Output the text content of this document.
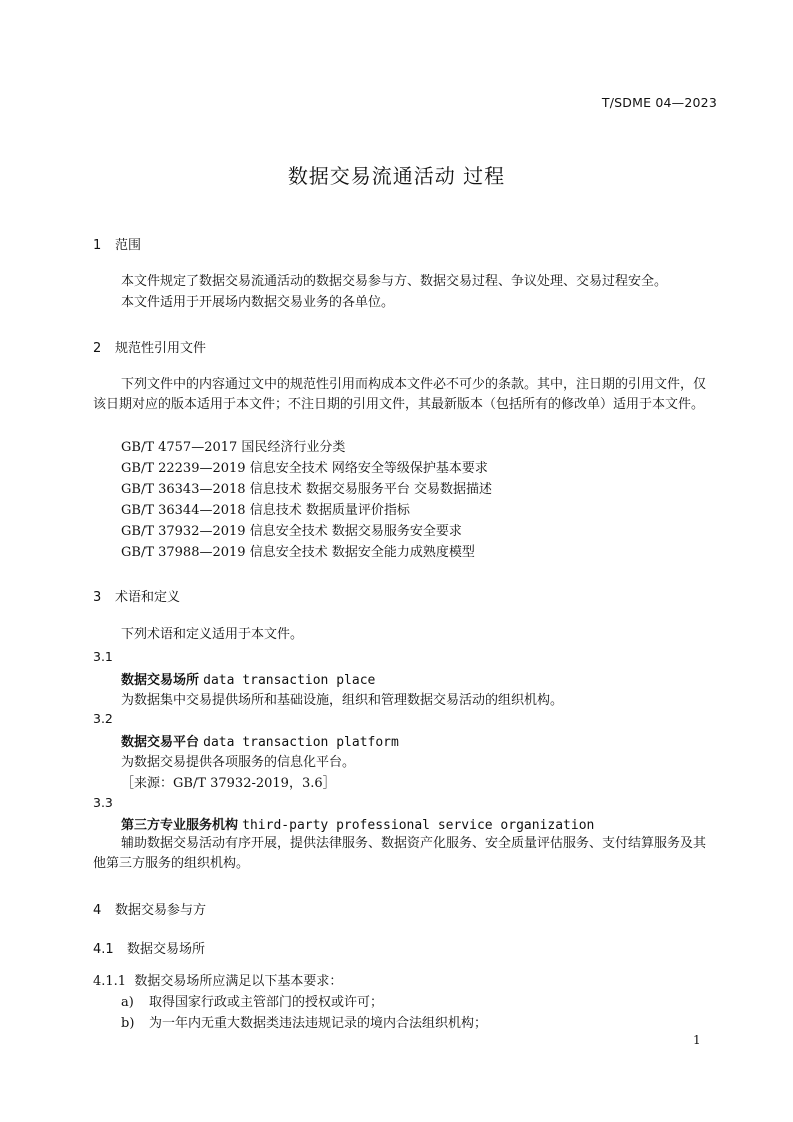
T/SDME 04—2023
数据交易流通活动 过程
1 范围
本文件规定了数据交易流通活动的数据交易参与方、数据交易过程、争议处理、交易过程安全。
本文件适用于开展场内数据交易业务的各单位。
2 规范性引用文件
下列文件中的内容通过文中的规范性引用而构成本文件必不可少的条款。其中，注日期的引用文件，仅该日期对应的版本适用于本文件；不注日期的引用文件，其最新版本（包括所有的修改单）适用于本文件。
GB/T 4757—2017 国民经济行业分类
GB/T 22239—2019 信息安全技术 网络安全等级保护基本要求
GB/T 36343—2018 信息技术 数据交易服务平台 交易数据描述
GB/T 36344—2018 信息技术 数据质量评价指标
GB/T 37932—2019 信息安全技术 数据交易服务安全要求
GB/T 37988—2019 信息安全技术 数据安全能力成熟度模型
3 术语和定义
下列术语和定义适用于本文件。
3.1
数据交易场所 data transaction place
为数据集中交易提供场所和基础设施，组织和管理数据交易活动的组织机构。
3.2
数据交易平台 data transaction platform
为数据交易提供各项服务的信息化平台。
［来源：GB/T 37932-2019，3.6］
3.3
第三方专业服务机构 third-party professional service organization
辅助数据交易活动有序开展，提供法律服务、数据资产化服务、安全质量评估服务、支付结算服务及其他第三方服务的组织机构。
4 数据交易参与方
4.1 数据交易场所
4.1.1 数据交易场所应满足以下基本要求：
a) 取得国家行政或主管部门的授权或许可；
b) 为一年内无重大数据类违法违规记录的境内合法组织机构；
1
